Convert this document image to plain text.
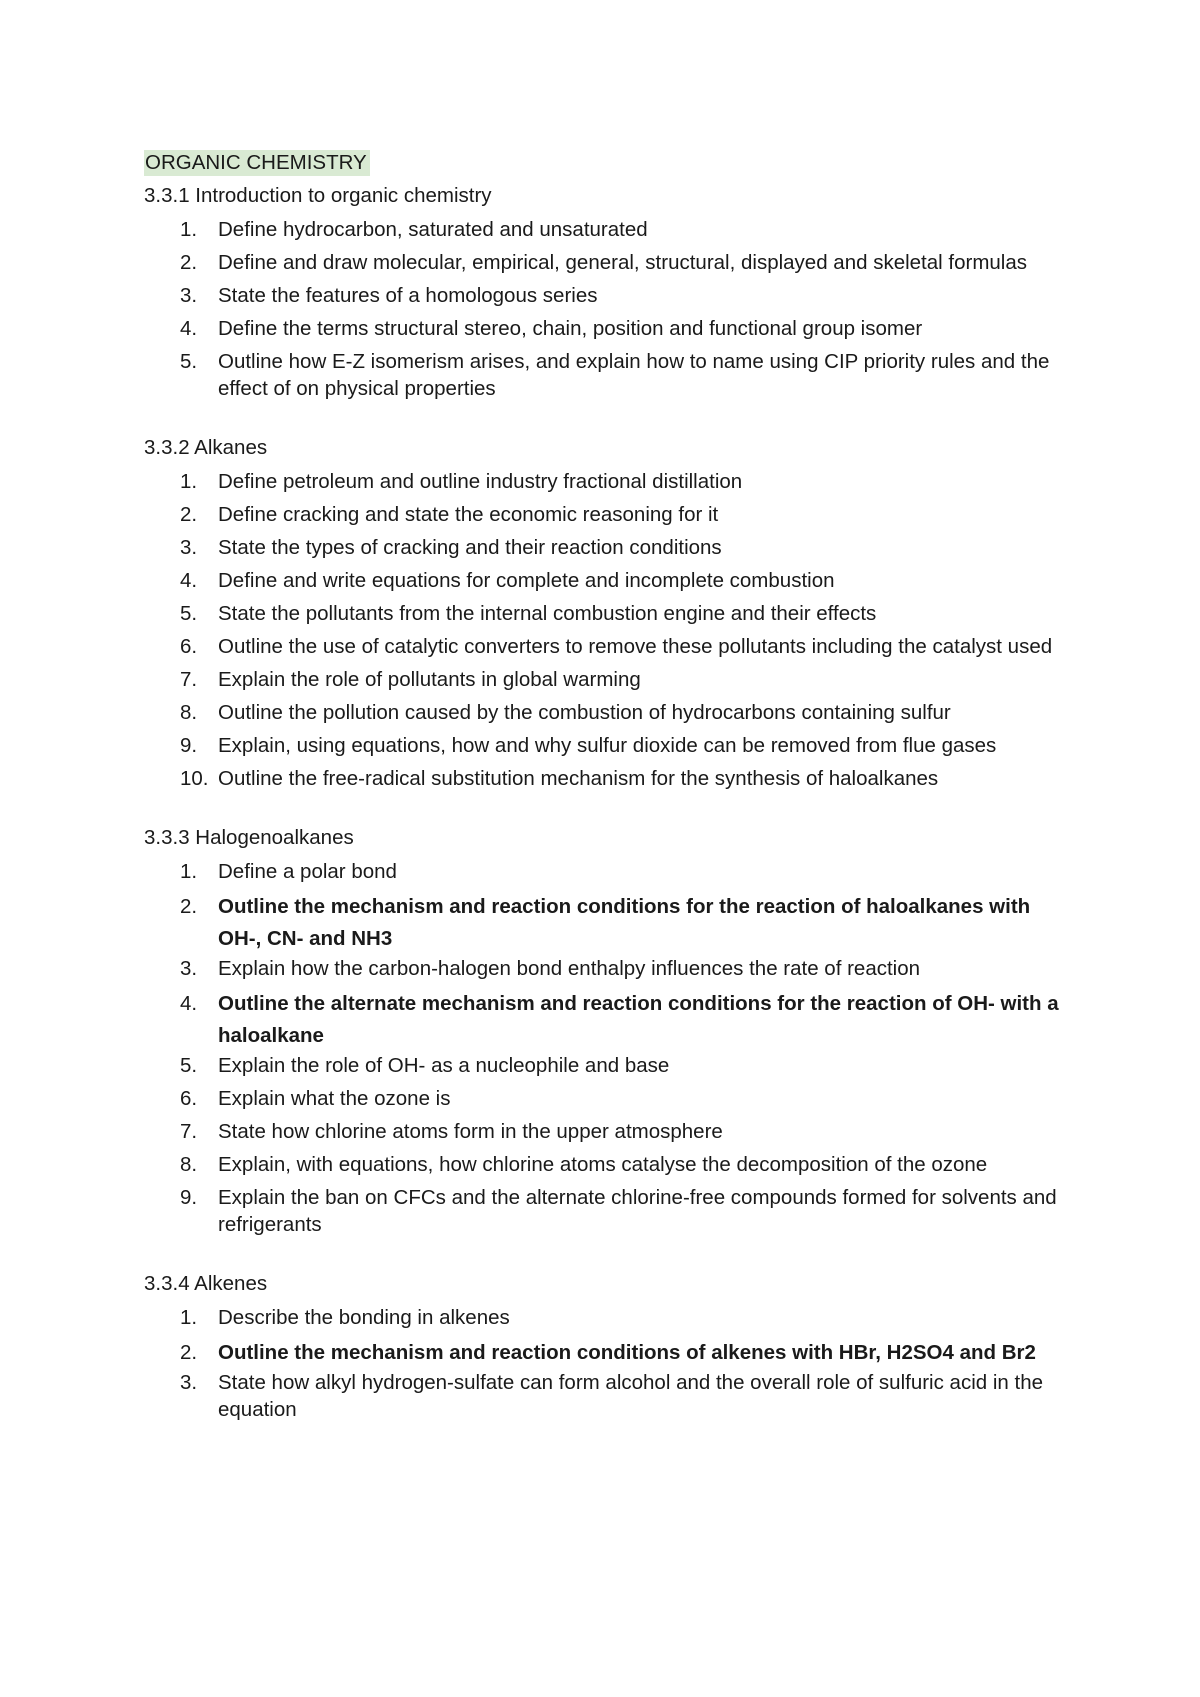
ORGANIC CHEMISTRY
3.3.1 Introduction to organic chemistry
1.	Define hydrocarbon, saturated and unsaturated
2.	Define and draw molecular, empirical, general, structural, displayed and skeletal formulas
3.	State the features of a homologous series
4.	Define the terms structural stereo, chain, position and functional group isomer
5.	Outline how E-Z isomerism arises, and explain how to name using CIP priority rules and the effect of on physical properties
3.3.2 Alkanes
1.	Define petroleum and outline industry fractional distillation
2.	Define cracking and state the economic reasoning for it
3.	State the types of cracking and their reaction conditions
4.	Define and write equations for complete and incomplete combustion
5.	State the pollutants from the internal combustion engine and their effects
6.	Outline the use of catalytic converters to remove these pollutants including the catalyst used
7.	Explain the role of pollutants in global warming
8.	Outline the pollution caused by the combustion of hydrocarbons containing sulfur
9.	Explain, using equations, how and why sulfur dioxide can be removed from flue gases
10. Outline the free-radical substitution mechanism for the synthesis of haloalkanes
3.3.3 Halogenoalkanes
1.	Define a polar bond
2.	Outline the mechanism and reaction conditions for the reaction of haloalkanes with OH-, CN- and NH3
3.	Explain how the carbon-halogen bond enthalpy influences the rate of reaction
4.	Outline the alternate mechanism and reaction conditions for the reaction of OH- with a haloalkane
5.	Explain the role of OH- as a nucleophile and base
6.	Explain what the ozone is
7.	State how chlorine atoms form in the upper atmosphere
8.	Explain, with equations, how chlorine atoms catalyse the decomposition of the ozone
9.	Explain the ban on CFCs and the alternate chlorine-free compounds formed for solvents and refrigerants
3.3.4 Alkenes
1.	Describe the bonding in alkenes
2.	Outline the mechanism and reaction conditions of alkenes with HBr, H2SO4 and Br2
3.	State how alkyl hydrogen-sulfate can form alcohol and the overall role of sulfuric acid in the equation
